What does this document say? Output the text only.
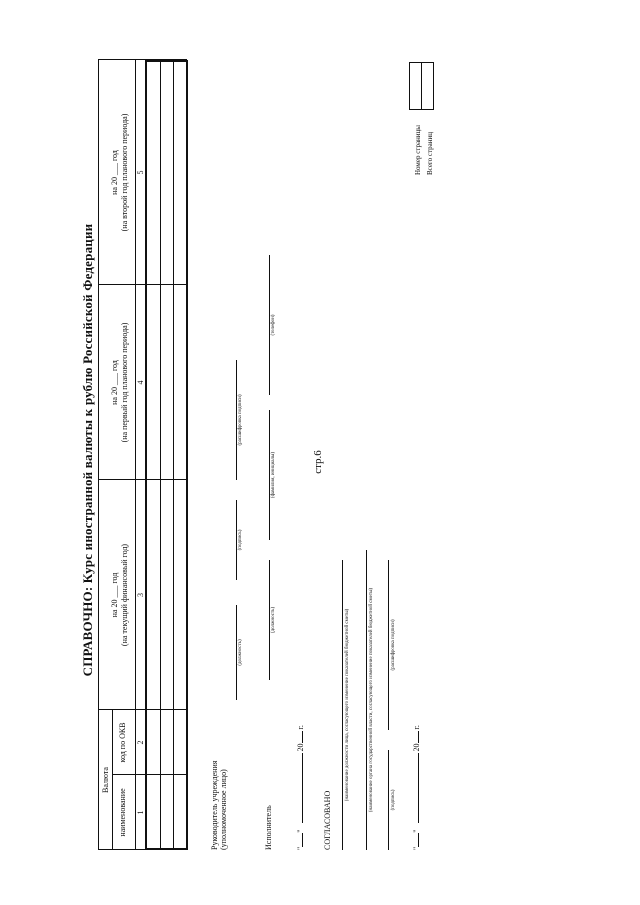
стр.6
Номер страницы Всего страниц
СПРАВОЧНО: Курс иностранной валюты к рублю Российской Федерации
Валюта
наименование
код по ОКВ
на 20 ___ год (на текущий финансовый год)
на 20 ___ год (на первый год планового периода)
на 20 ___ год (на второй год планового периода)
1
2
3
4
5
Руководитель учреждения (уполномоченное лицо)
(должность)
(подпись)
(расшифровка подписи)
Исполнитель
(должность)
(фамилия, инициалы)
(телефон)
""  20 г.
СОГЛАСОВАНО
(наименование должности лица, согласующего изменение показателей бюджетной сметы)	(наименование органа государственной власти, согласующего изменение показателей бюджетной сметы)	(подпись)
(расшифровка подписи)
""  20 г.
